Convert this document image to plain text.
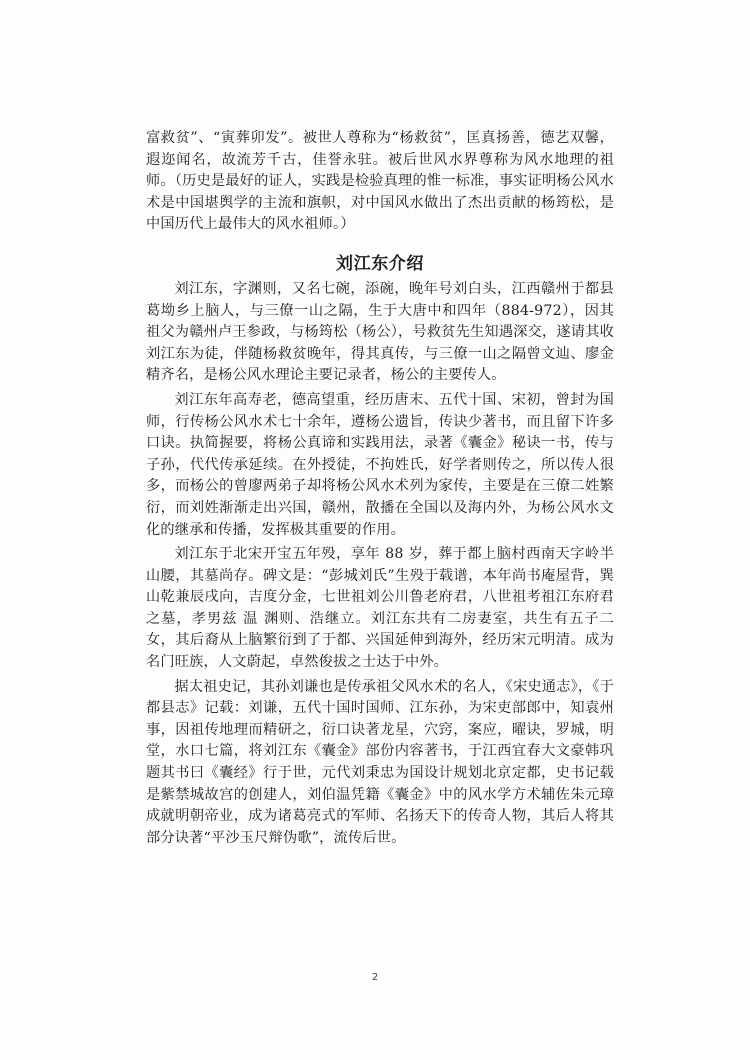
富救贫”、“寅葬卯发”。被世人尊称为“杨救贫”，匡真扬善，德艺双馨，遐迩闻名，故流芳千古，佳誉永驻。被后世风水界尊称为风水地理的祖师。（历史是最好的证人，实践是检验真理的惟一标准，事实证明杨公风水术是中国堪舆学的主流和旗帜，对中国风水做出了杰出贡献的杨筠松，是中国历代上最伟大的风水祖师。）

刘江东介绍

刘江东，字渊则，又名七碗，添碗，晚年号刘白头，江西赣州于都县葛坳乡上脑人，与三僚一山之隔，生于大唐中和四年（884-972），因其祖父为赣州卢王参政，与杨筠松（杨公），号救贫先生知遇深交，遂请其收刘江东为徒，伴随杨救贫晚年，得其真传，与三僚一山之隔曾文辿、廖金精齐名，是杨公风水理论主要记录者，杨公的主要传人。

刘江东年高寿老，德高望重，经历唐末、五代十国、宋初，曾封为国师，行传杨公风水术七十余年，遵杨公遗旨，传诀少著书，而且留下许多口诀。执简握要，将杨公真谛和实践用法，录著《囊金》秘诀一书，传与子孙，代代传承延续。在外授徒，不拘姓氏，好学者则传之，所以传人很多，而杨公的曾廖两弟子却将杨公风水术列为家传，主要是在三僚二姓繁衍，而刘姓渐渐走出兴国，赣州，散播在全国以及海内外，为杨公风水文化的继承和传播，发挥极其重要的作用。

刘江东于北宋开宝五年殁，享年 88 岁，葬于都上脑村西南天字岭半山腰，其墓尚存。碑文是：“彭城刘氏”生殁于载谱，本年尚书庵屋背，巽山乾兼辰戌向，吉度分金，七世祖刘公川鲁老府君，八世祖考祖江东府君之墓，孝男兹 温 渊则、浩继立。刘江东共有二房妻室，共生有五子二女，其后裔从上脑繁衍到了于都、兴国延伸到海外，经历宋元明清。成为名门旺族，人文蔚起，卓然俊拔之士达于中外。

据太祖史记，其孙刘谦也是传承祖父风水术的名人，《宋史通志》，《于都县志》记载：刘谦，五代十国时国师、江东孙，为宋吏部郎中，知袁州事，因祖传地理而精研之，衍口诀著龙星，穴窍，案应，曜诀，罗城，明堂，水口七篇，将刘江东《囊金》部份内容著书，于江西宜春大文豪韩巩题其书曰《囊经》行于世，元代刘秉忠为国设计规划北京定都，史书记载是紫禁城故宫的创建人，刘伯温凭籍《囊金》中的风水学方术辅佐朱元璋成就明朝帝业，成为诸葛亮式的军师、名扬天下的传奇人物，其后人将其部分诀著“平沙玉尺辩伪歌”，流传后世。

2
